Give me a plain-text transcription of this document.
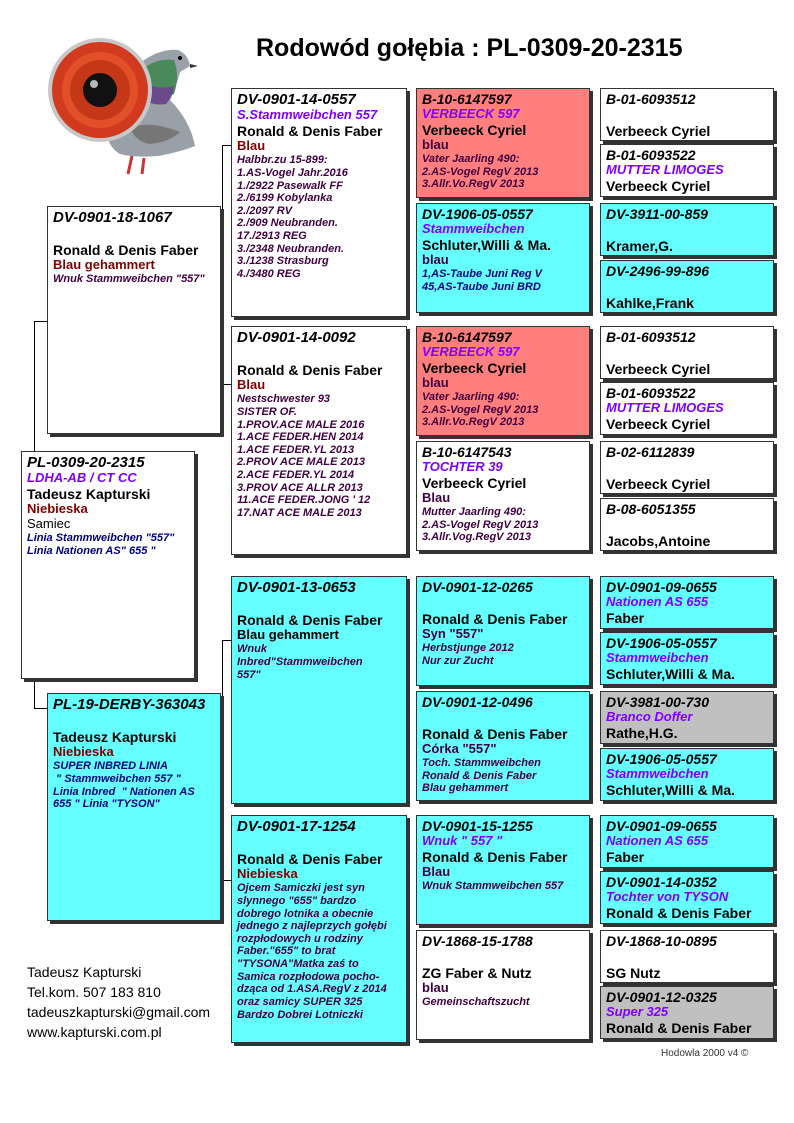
Rodowód gołębia : PL-0309-20-2315
PL-0309-20-2315
LDHA-AB / CT CC
Tadeusz Kapturski
Niebieska
Samiec
Linia Stammweibchen "557"
Linia Nationen AS" 655 "
DV-0901-18-1067
Ronald & Denis Faber
Blau gehammert
Wnuk Stammweibchen "557"
PL-19-DERBY-363043
Tadeusz Kapturski
Niebieska
SUPER INBRED LINIA
" Stammweibchen 557 "
Linia Inbred  " Nationen AS
655 " Linia "TYSON"
DV-0901-14-0557
S.Stammweibchen 557
Ronald & Denis Faber
Blau
Halbbr.zu 15-899:
1.AS-Vogel Jahr.2016
1./2922 Pasewalk FF
2./6199 Kobylanka
2./2097 RV
2./909 Neubranden.
17./2913 REG
3./2348 Neubranden.
3./1238 Strasburg
4./3480 REG
DV-0901-14-0092
Ronald & Denis Faber
Blau
Nestschwester 93
SISTER OF.
1.PROV.ACE MALE 2016
1.ACE FEDER.HEN 2014
1.ACE FEDER.YL 2013
2.PROV ACE MALE 2013
2.ACE FEDER.YL 2014
3.PROV ACE ALLR 2013
11.ACE FEDER.JONG ' 12
17.NAT ACE MALE 2013
DV-0901-13-0653
Ronald & Denis Faber
Blau gehammert
Wnuk
Inbred"Stammweibchen
557"
DV-0901-17-1254
Ronald & Denis Faber
Niebieska
Ojcem Samiczki jest syn
slynnego "655" bardzo
dobrego lotnika a obecnie
jednego z najleprzych gołębi
rozpłodowych u rodziny
Faber."655" to brat
"TYSONA"Matka zaś to
Samica rozpłodowa pocho-
dząca od 1.ASA.RegV z 2014
oraz samicy SUPER 325
Bardzo Dobrei Lotniczki
B-10-6147597
VERBEECK 597
Verbeeck Cyriel
blau
Vater Jaarling 490:
2.AS-Vogel RegV 2013
3.Allr.Vo.RegV 2013
DV-1906-05-0557
Stammweibchen
Schluter,Willi & Ma.
blau
1,AS-Taube Juni Reg V
45,AS-Taube Juni BRD
B-10-6147597
VERBEECK 597
Verbeeck Cyriel
blau
Vater Jaarling 490:
2.AS-Vogel RegV 2013
3.Allr.Vo.RegV 2013
B-10-6147543
TOCHTER 39
Verbeeck Cyriel
Blau
Mutter Jaarling 490:
2.AS-Vogel RegV 2013
3.Allr.Vog.RegV 2013
DV-0901-12-0265
Ronald & Denis Faber
Syn "557"
Herbstjunge 2012
Nur zur Zucht
DV-0901-12-0496
Ronald & Denis Faber
Córka "557"
Toch. Stammweibchen
Ronald & Denis Faber
Blau gehammert
DV-0901-15-1255
Wnuk " 557 "
Ronald & Denis Faber
Blau
Wnuk Stammweibchen 557
DV-1868-15-1788
ZG Faber & Nutz
blau
Gemeinschaftszucht
B-01-6093512
Verbeeck Cyriel
B-01-6093522
MUTTER LIMOGES
Verbeeck Cyriel
DV-3911-00-859
Kramer,G.
DV-2496-99-896
Kahlke,Frank
B-01-6093512
Verbeeck Cyriel
B-01-6093522
MUTTER LIMOGES
Verbeeck Cyriel
B-02-6112839
Verbeeck Cyriel
B-08-6051355
Jacobs,Antoine
DV-0901-09-0655
Nationen AS 655
Faber
DV-1906-05-0557
Stammweibchen
Schluter,Willi & Ma.
DV-3981-00-730
Branco Doffer
Rathe,H.G.
DV-1906-05-0557
Stammweibchen
Schluter,Willi & Ma.
DV-0901-09-0655
Nationen AS 655
Faber
DV-0901-14-0352
Tochter von TYSON
Ronald & Denis Faber
DV-1868-10-0895
SG Nutz
DV-0901-12-0325
Super 325
Ronald & Denis Faber
Tadeusz Kapturski
Tel.kom. 507 183 810
tadeuszkapturski@gmail.com
www.kapturski.com.pl
Hodowla 2000 v4 ©
